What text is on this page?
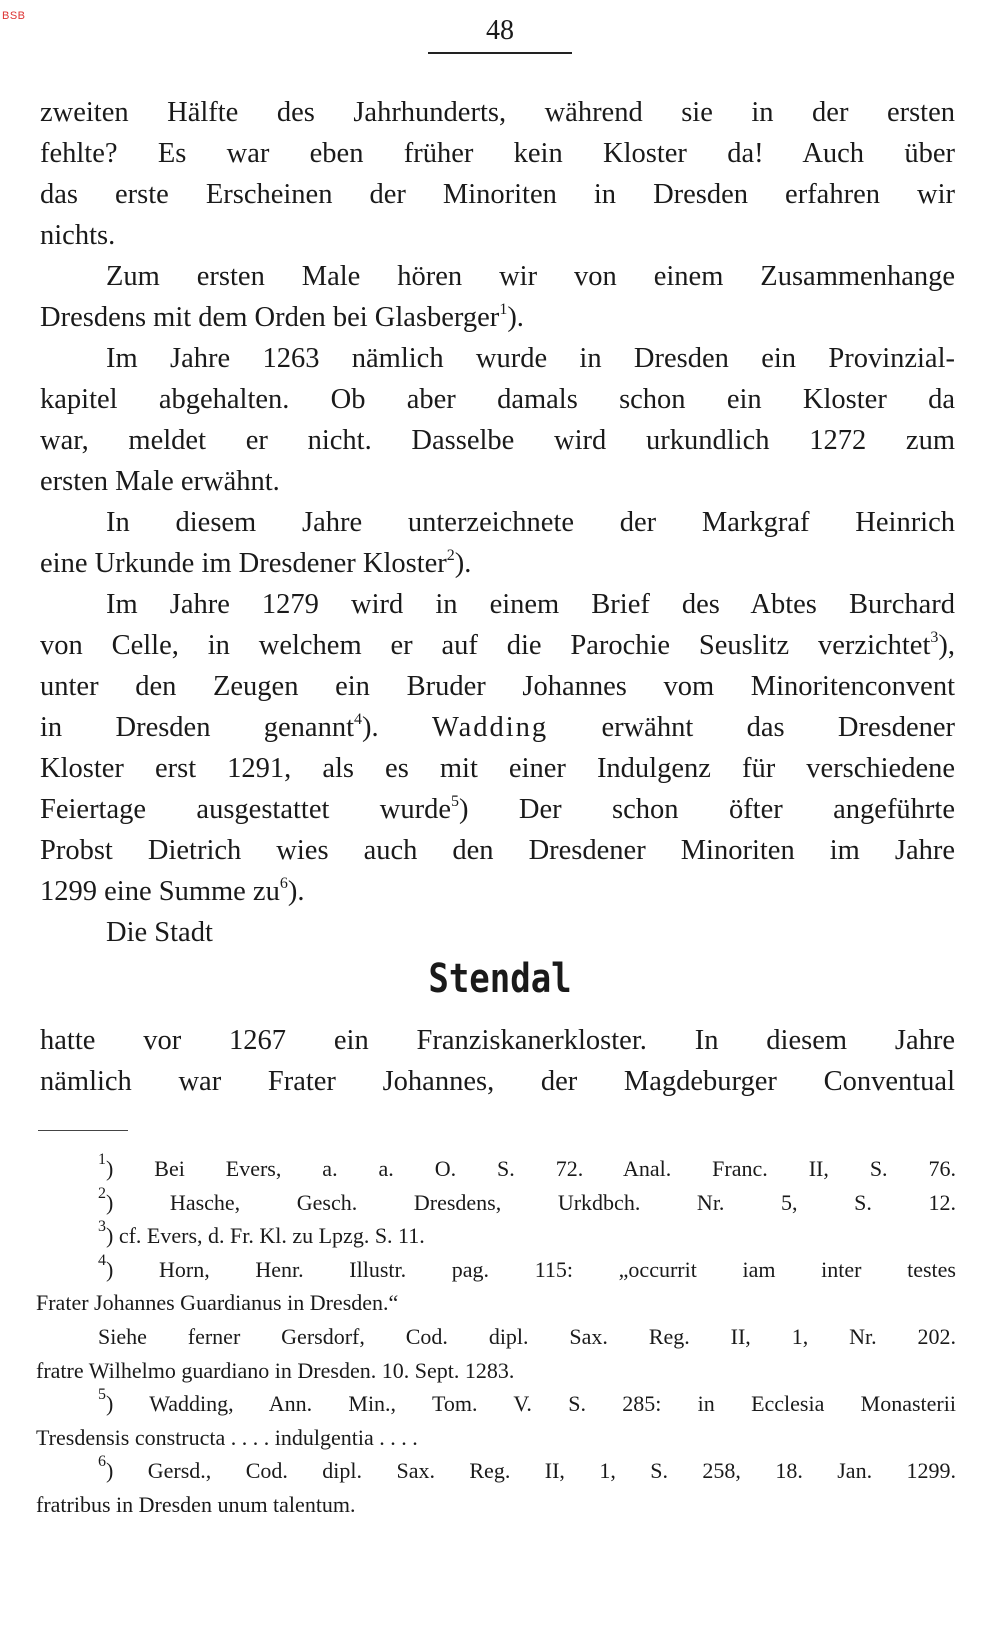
BSB	48
zweiten Hälfte des Jahrhunderts, während sie in der ersten
fehlte? Es war eben früher kein Kloster da! Auch über
das erste Erscheinen der Minoriten in Dresden erfahren wir
nichts.
Zum ersten Male hören wir von einem Zusammenhange
Dresdens mit dem Orden bei Glasberger$^1$).
Im Jahre 1263 nämlich wurde in Dresden ein Provinzial-
kapitel abgehalten. Ob aber damals schon ein Kloster da
war, meldet er nicht. Dasselbe wird urkundlich 1272 zum
ersten Male erwähnt.
In diesem Jahre unterzeichnete der Markgraf Heinrich
eine Urkunde im Dresdener Kloster$^2$).
Im Jahre 1279 wird in einem Brief des Abtes Burchard
von Celle, in welchem er auf die Parochie Seuslitz verzichtet$^3$),
unter den Zeugen ein Bruder Johannes vom Minoritenconvent
in Dresden genannt$^4$). Wadding erwähnt das Dresdener
Kloster erst 1291, als es mit einer Indulgenz für verschiedene
Feiertage ausgestattet wurde$^5$) Der schon öfter angeführte
Probst Dietrich wies auch den Dresdener Minoriten im Jahre
1299 eine Summe $zu^6$).
Die Stadt
Stendal
hatte vor 1267 ein Franziskanerkloster. In diesem Jahre
nämlich war Frater Johannes, der Magdeburger Conventual
$^1$) Bei Evers, a. a. O. S. 72. Anal. Franc. II, S. 76.
$^2$) Hasche, Gesch. Dresdens, Urkdbch. Nr. 5, S. 12.
$^3$) cf. Evers, d. Fr. Kl. zu Lpzg. S. 11.
$^4$) Horn, Henr. Illustr. pag. 115: „occurrit iam inter testes
Frater Johannes Guardianus in Dresden.“
Siehe ferner Gersdorf, Cod. dipl. Sax. Reg. II, 1, Nr. 202.
fratre Wilhelmo guardiano in Dresden. 10. Sept. 1283.
$^5$) Wadding, Ann. Min., Tom. V. S. 285: in Ecclesia Monasterii
Tresdensis constructa . . . . indulgentia . . . .
$^6$) Gersd., Cod. dipl. Sax. Reg. II, 1, S. 258, 18. Jan. 1299.
fratribus in Dresden unum talentum.
